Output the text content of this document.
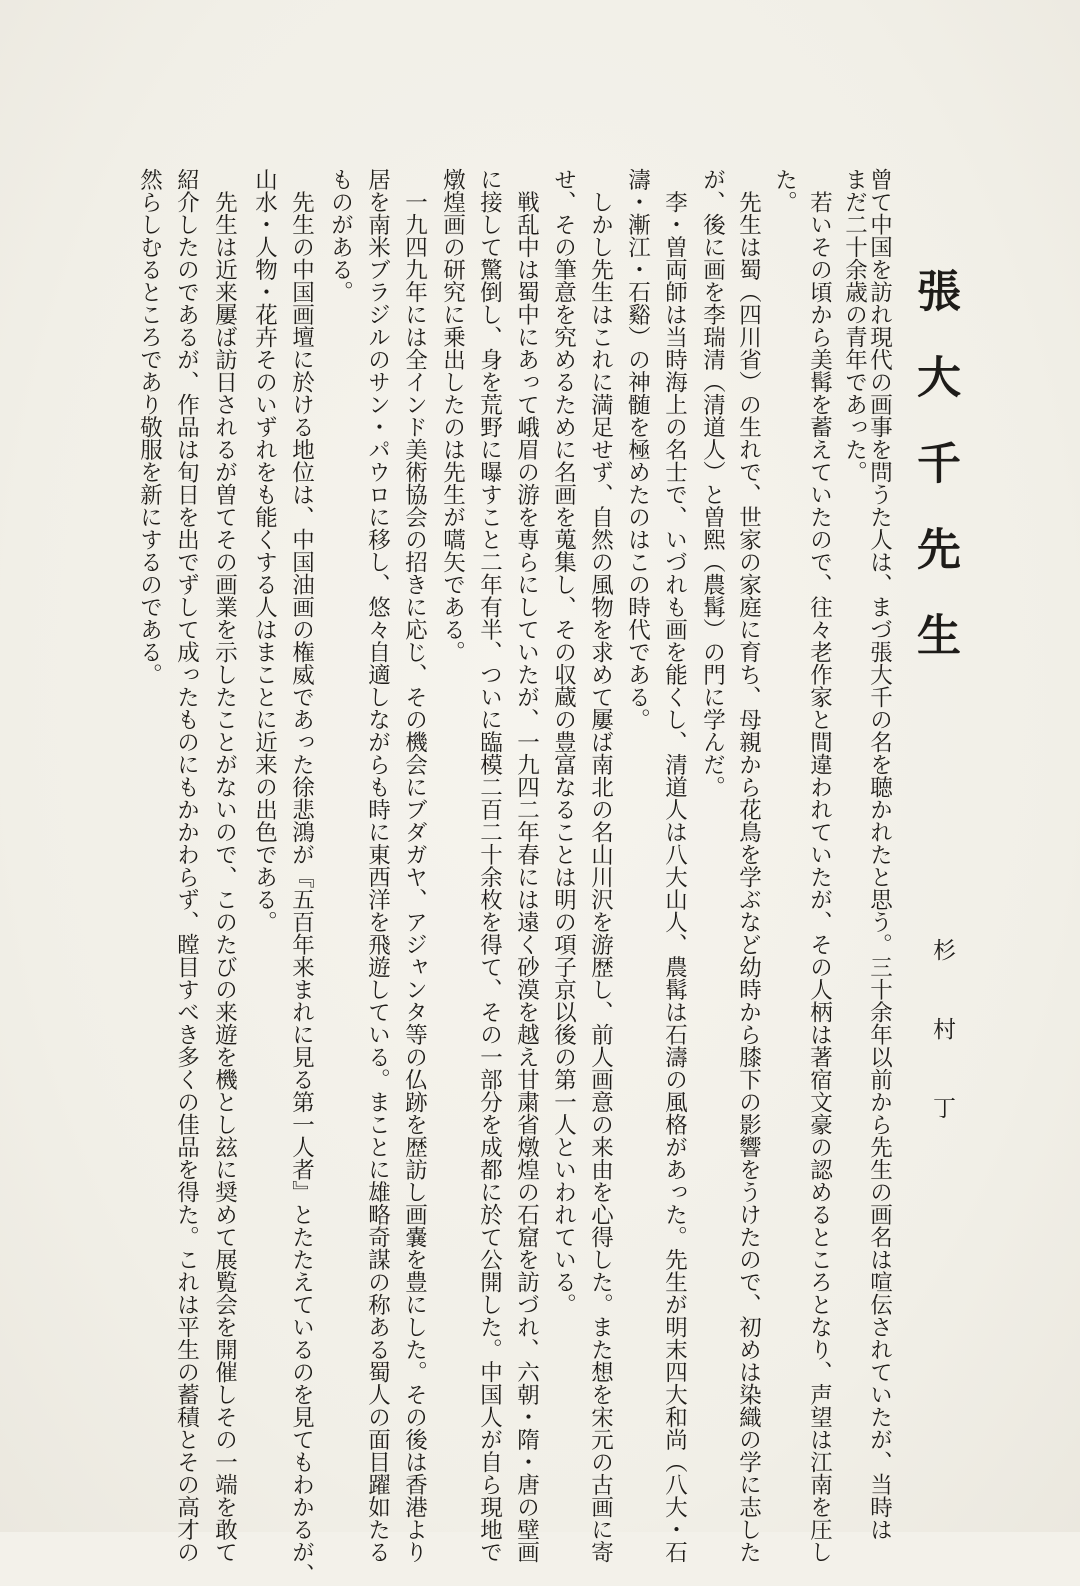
張大千先生
杉村丁
曾て中国を訪れ現代の画事を問うた人は、まづ張大千の名を聴かれたと思う。三十余年以前から先生の画名は喧伝されていたが、当時は
まだ二十余歳の青年であった。
　若いその頃から美髯を蓄えていたので、往々老作家と間違われていたが、その人柄は著宿文豪の認めるところとなり、声望は江南を圧し
た。
　先生は蜀（四川省）の生れで、世家の家庭に育ち、母親から花鳥を学ぶなど幼時から膝下の影響をうけたので、初めは染織の学に志した
が、後に画を李瑞清（清道人）と曽熙（農髯）の門に学んだ。
　李・曽両師は当時海上の名士で、いづれも画を能くし、清道人は八大山人、農髯は石濤の風格があった。先生が明末四大和尚（八大・石
濤・漸江・石谿）の神髄を極めたのはこの時代である。
　しかし先生はこれに満足せず、自然の風物を求めて屢ば南北の名山川沢を游歴し、前人画意の来由を心得した。また想を宋元の古画に寄
せ、その筆意を究めるために名画を蒐集し、その収蔵の豊富なることは明の項子京以後の第一人といわれている。
　戦乱中は蜀中にあって峨眉の游を専らにしていたが、一九四二年春には遠く砂漠を越え甘粛省燉煌の石窟を訪づれ、六朝・隋・唐の壁画
に接して驚倒し、身を荒野に曝すこと二年有半、ついに臨模二百二十余枚を得て、その一部分を成都に於て公開した。中国人が自ら現地で
燉煌画の研究に乗出したのは先生が嚆矢である。
　一九四九年には全インド美術協会の招きに応じ、その機会にブダガヤ、アジャンタ等の仏跡を歴訪し画嚢を豊にした。その後は香港より
居を南米ブラジルのサン・パウロに移し、悠々自適しながらも時に東西洋を飛遊している。まことに雄略奇謀の称ある蜀人の面目躍如たる
ものがある。
　先生の中国画壇に於ける地位は、中国油画の権威であった徐悲鴻が『五百年来まれに見る第一人者』とたたえているのを見てもわかるが、
山水・人物・花卉そのいずれをも能くする人はまことに近来の出色である。
　先生は近来屢ば訪日されるが曽てその画業を示したことがないので、このたびの来遊を機とし玆に奨めて展覧会を開催しその一端を敢て
紹介したのであるが、作品は旬日を出でずして成ったものにもかかわらず、瞠目すべき多くの佳品を得た。これは平生の蓄積とその高才の
然らしむるところであり敬服を新にするのである。
